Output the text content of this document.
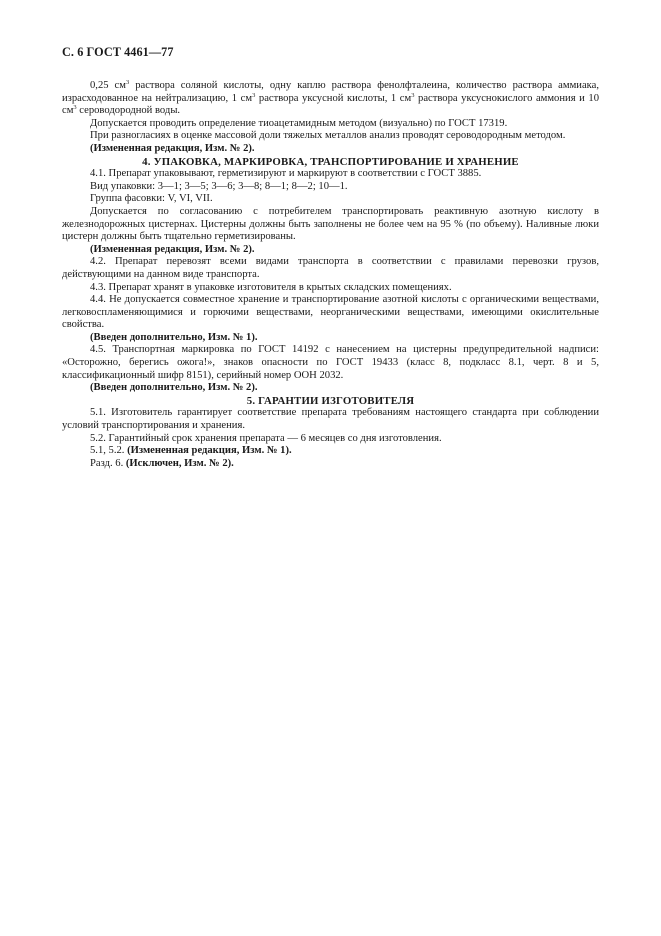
С. 6 ГОСТ 4461—77

0,25 $см^3$ раствора соляной кислоты, одну каплю раствора фенолфталеина, количество раствора аммиака, израсходованное на нейтрализацию, 1 $см^3$ раствора уксусной кислоты, 1 $см^3$ раствора уксуснокислого аммония и 10 $см^3$ сероводородной воды.

Допускается проводить определение тиоацетамидным методом (визуально) по ГОСТ 17319.

При разногласиях в оценке массовой доли тяжелых металлов анализ проводят сероводородным методом.

(Измененная редакция, Изм. № 2).

4. УПАКОВКА, МАРКИРОВКА, ТРАНСПОРТИРОВАНИЕ И ХРАНЕНИЕ

4.1. Препарат упаковывают, герметизируют и маркируют в соответствии с ГОСТ 3885.

Вид упаковки: 3—1; 3—5; 3—6; 3—8; 8—1; 8—2; 10—1.

Группа фасовки: V, VI, VII.

Допускается по согласованию с потребителем транспортировать реактивную азотную кислоту в железнодорожных цистернах. Цистерны должны быть заполнены не более чем на 95 % (по объему). Наливные люки цистерн должны быть тщательно герметизированы.

(Измененная редакция, Изм. № 2).

4.2. Препарат перевозят всеми видами транспорта в соответствии с правилами перевозки грузов, действующими на данном виде транспорта.

4.3. Препарат хранят в упаковке изготовителя в крытых складских помещениях.

4.4. Не допускается совместное хранение и транспортирование азотной кислоты с органическими веществами, легковоспламеняющимися и горючими веществами, неорганическими веществами, имеющими окислительные свойства.

(Введен дополнительно, Изм. № 1).

4.5. Транспортная маркировка по ГОСТ 14192 с нанесением на цистерны предупредительной надписи: «Осторожно, берегись ожога!», знаков опасности по ГОСТ 19433 (класс 8, подкласс 8.1, черт. 8 и 5, классификационный шифр 8151), серийный номер ООН 2032.

(Введен дополнительно, Изм. № 2).

5. ГАРАНТИИ ИЗГОТОВИТЕЛЯ

5.1. Изготовитель гарантирует соответствие препарата требованиям настоящего стандарта при соблюдении условий транспортирования и хранения.

5.2. Гарантийный срок хранения препарата — 6 месяцев со дня изготовления.

5.1, 5.2. (Измененная редакция, Изм. № 1).

Разд. 6. (Исключен, Изм. № 2).
